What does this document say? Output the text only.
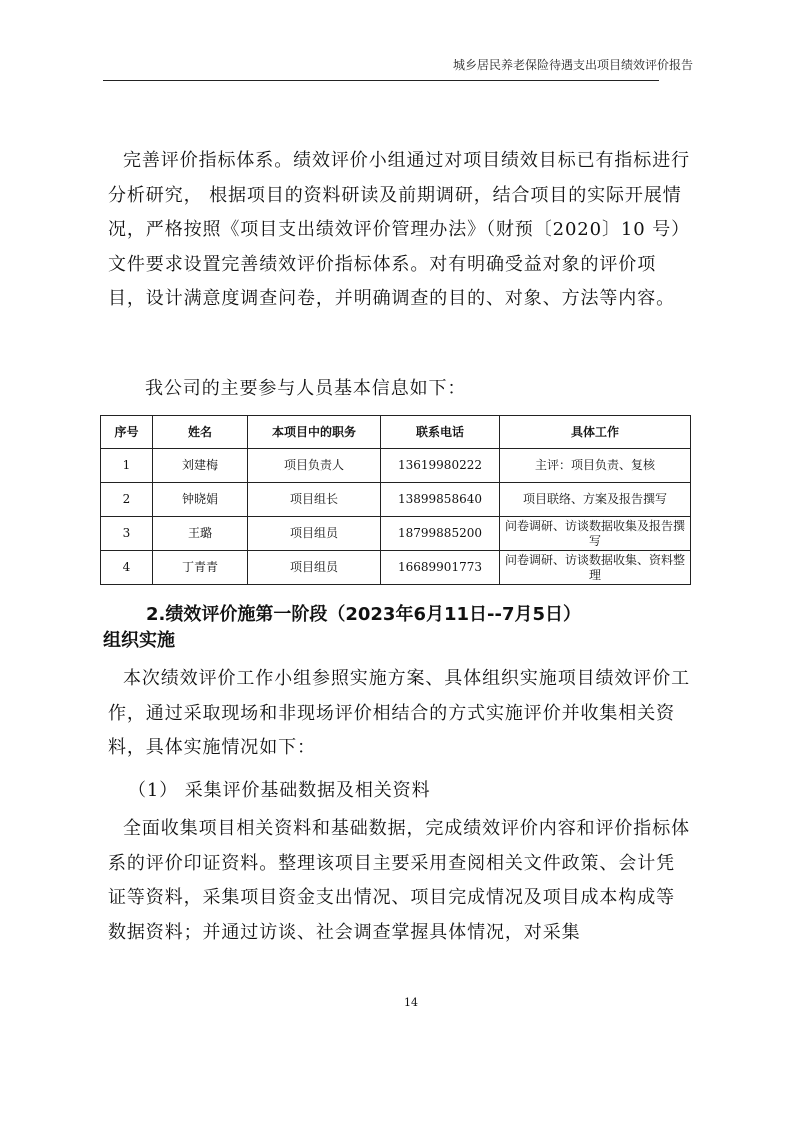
城乡居民养老保险待遇支出项目绩效评价报告

完善评价指标体系。绩效评价小组通过对项目绩效目标已有指标进行分析研究， 根据项目的资料研读及前期调研，结合项目的实际开展情况，严格按照《项目支出绩效评价管理办法》（财预〔2020〕10 号）文件要求设置完善绩效评价指标体系。对有明确受益对象的评价项目，设计满意度调查问卷，并明确调查的目的、对象、方法等内容。

我公司的主要参与人员基本信息如下：

序号	姓名	本项目中的职务	联系电话	具体工作
1	刘建梅	项目负责人	13619980222	主评：项目负责、复核
2	钟晓娟	项目组长	13899858640	项目联络、方案及报告撰写
3	王璐	项目组员	18799885200	问卷调研、访谈数据收集及报告撰写
4	丁青青	项目组员	16689901773	问卷调研、访谈数据收集、资料整理
2.绩效评价施第一阶段（2023年6月11日--7月5日）
组织实施

本次绩效评价工作小组参照实施方案、具体组织实施项目绩效评价工作，通过采取现场和非现场评价相结合的方式实施评价并收集相关资料，具体实施情况如下：

（1） 采集评价基础数据及相关资料

全面收集项目相关资料和基础数据，完成绩效评价内容和评价指标体系的评价印证资料。整理该项目主要采用查阅相关文件政策、会计凭证等资料，采集项目资金支出情况、项目完成情况及项目成本构成等数据资料；并通过访谈、社会调查掌握具体情况，对采集

14
